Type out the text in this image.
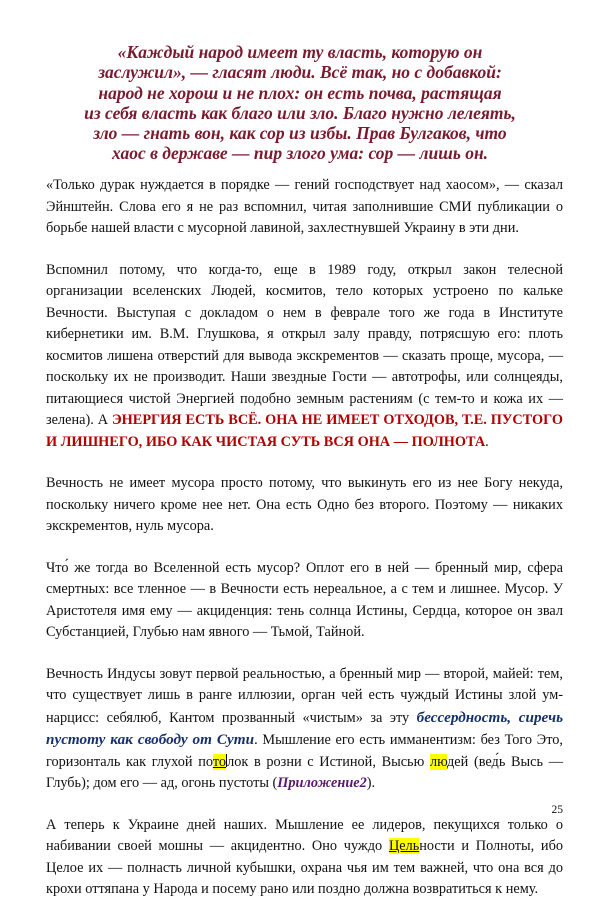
«Каждый народ имеет ту власть, которую он
заслужил», — гласят люди. Всё так, но с добавкой:
народ не хорош и не плох: он есть почва, растящая
из себя власть как благо или зло. Благо нужно лелеять,
зло — гнать вон, как сор из избы. Прав Булгаков, что
хаос в державе — пир злого ума: сор — лишь он.

«Только дурак нуждается в порядке — гений господствует над хаосом», — сказал Эйнштейн. Слова его я не раз вспомнил, читая заполнившие СМИ публикации о борьбе нашей власти с мусорной лавиной, захлестнувшей Украину в эти дни.

Вспомнил потому, что когда-то, еще в 1989 году, открыл закон телесной организации вселенских Людей, космитов, тело которых устроено по кальке Вечности. Выступая с докладом о нем в феврале того же года в Институте кибернетики им. В.М. Глушкова, я открыл залу правду, потрясшую его: плоть космитов лишена отверстий для вывода экскрементов — сказать проще, мусора, — поскольку их не производит. Наши звездные Гости — автотрофы, или солнцеяды, питающиеся чистой Энергией подобно земным растениям (с тем-то и кожа их — зелена). А ЭНЕРГИЯ ЕСТЬ ВСЁ. ОНА НЕ ИМЕЕТ ОТХОДОВ, Т.Е. ПУСТОГО И ЛИШНЕГО, ИБО КАК ЧИСТАЯ СУТЬ ВСЯ ОНА — ПОЛНОТА.

Вечность не имеет мусора просто потому, что выкинуть его из нее Богу некуда, поскольку ничего кроме нее нет. Она есть Одно без второго. Поэтому — никаких экскрементов, нуль мусора.

Что́ же тогда во Вселенной есть мусор? Оплот его в ней — бренный мир, сфера смертных: все тленное — в Вечности есть нереальное, а с тем и лишнее. Мусор. У Аристотеля имя ему — акциденция: тень солнца Истины, Сердца, которое он звал Субстанцией, Глубью нам явного — Тьмой, Тайной.

Вечность Индусы зовут первой реальностью, а бренный мир — второй, майей: тем, что существует лишь в ранге иллюзии, орган чей есть чуждый Истины злой ум-нарцисс: себялюб, Кантом прозванный «чистым» за эту бессердность, сиречь пустоту как свободу от Сути. Мышление его есть имманентизм: без Того Это, горизонталь как глухой потолок в розни с Истиной, Высью людей (вед́ь Высь — Глубь); дом его — ад, огонь пустоты (Приложение2).

А теперь к Украине дней наших. Мышление ее лидеров, пекущихся только о набивании своей мошны — акцидентно. Оно чуждо Цельности и Полноты, ибо Целое их — полнасть личной кубышки, охрана чья им тем важней, что она вся до крохи оттяпана у Народа и посему рано или поздно должна возвратиться к нему.

25
